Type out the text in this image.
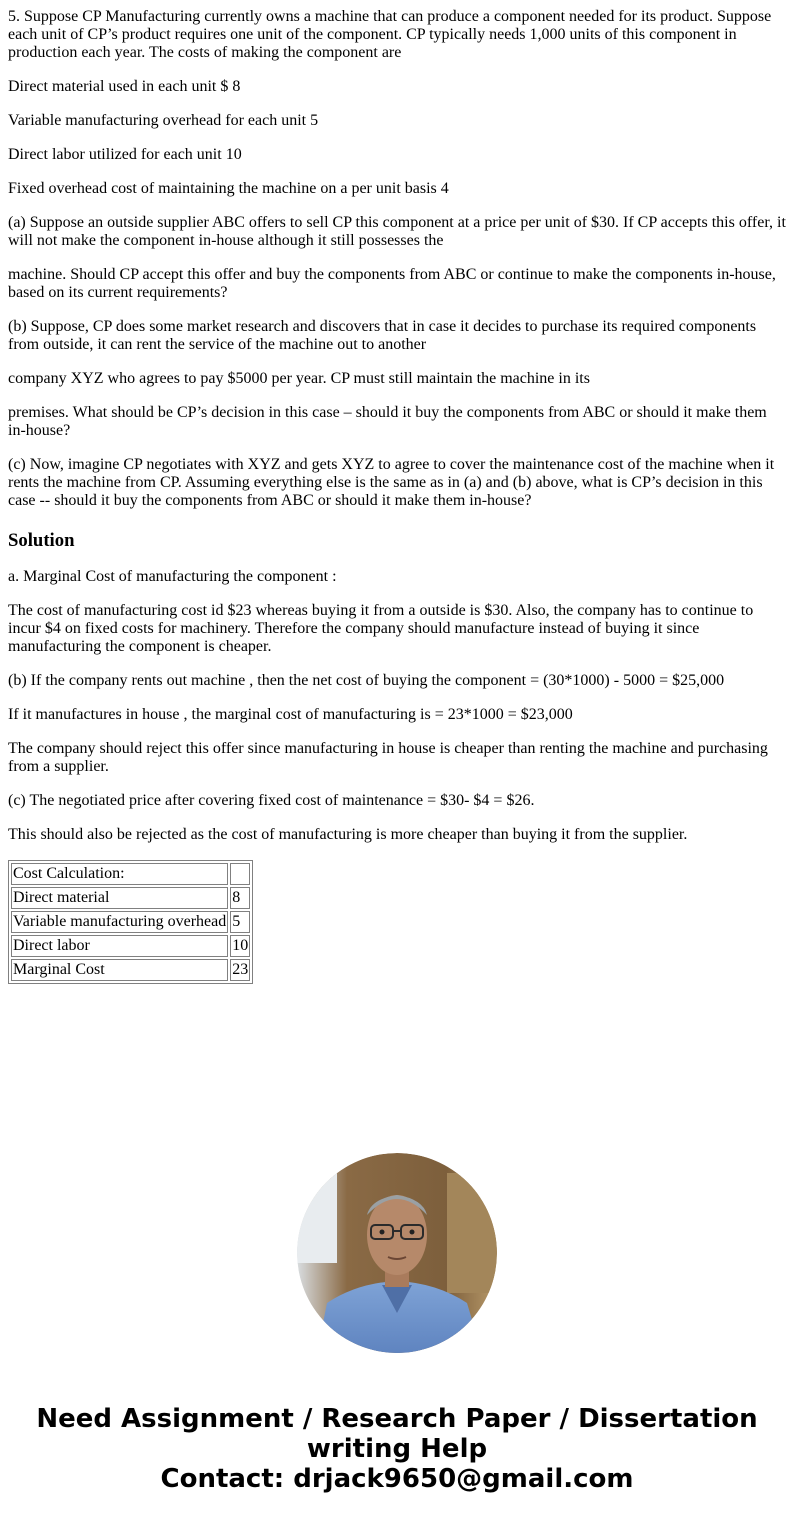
5. Suppose CP Manufacturing currently owns a machine that can produce a component needed for its product. Suppose each unit of CP’s product requires one unit of the component. CP typically needs 1,000 units of this component in production each year. The costs of making the component are

Direct material used in each unit $ 8

Variable manufacturing overhead for each unit 5

Direct labor utilized for each unit 10

Fixed overhead cost of maintaining the machine on a per unit basis 4

(a) Suppose an outside supplier ABC offers to sell CP this component at a price per unit of $30. If CP accepts this offer, it will not make the component in-house although it still possesses the

machine. Should CP accept this offer and buy the components from ABC or continue to make the components in-house, based on its current requirements?

(b) Suppose, CP does some market research and discovers that in case it decides to purchase its required components from outside, it can rent the service of the machine out to another

company XYZ who agrees to pay $5000 per year. CP must still maintain the machine in its

premises. What should be CP’s decision in this case – should it buy the components from ABC or should it make them in-house?

(c) Now, imagine CP negotiates with XYZ and gets XYZ to agree to cover the maintenance cost of the machine when it rents the machine from CP. Assuming everything else is the same as in (a) and (b) above, what is CP’s decision in this case -- should it buy the components from ABC or should it make them in-house?

Solution

a. Marginal Cost of manufacturing the component :

The cost of manufacturing cost id $23 whereas buying it from a outside is $30. Also, the company has to continue to incur $4 on fixed costs for machinery. Therefore the company should manufacture instead of buying it since manufacturing the component is cheaper.

(b) If the company rents out machine , then the net cost of buying the component = (30*1000) - 5000 = $25,000

If it manufactures in house , the marginal cost of manufacturing is = 23*1000 = $23,000

The company should reject this offer since manufacturing in house is cheaper than renting the machine and purchasing from a supplier.

(c) The negotiated price after covering fixed cost of maintenance = $30- $4 = $26.

This should also be rejected as the cost of manufacturing is more cheaper than buying it from the supplier.

Cost Calculation:	
Direct material	8
Variable manufacturing overhead	5
Direct labor	10
Marginal Cost	23
Need Assignment / Research Paper / Dissertation
writing Help
Contact: drjack9650@gmail.com
